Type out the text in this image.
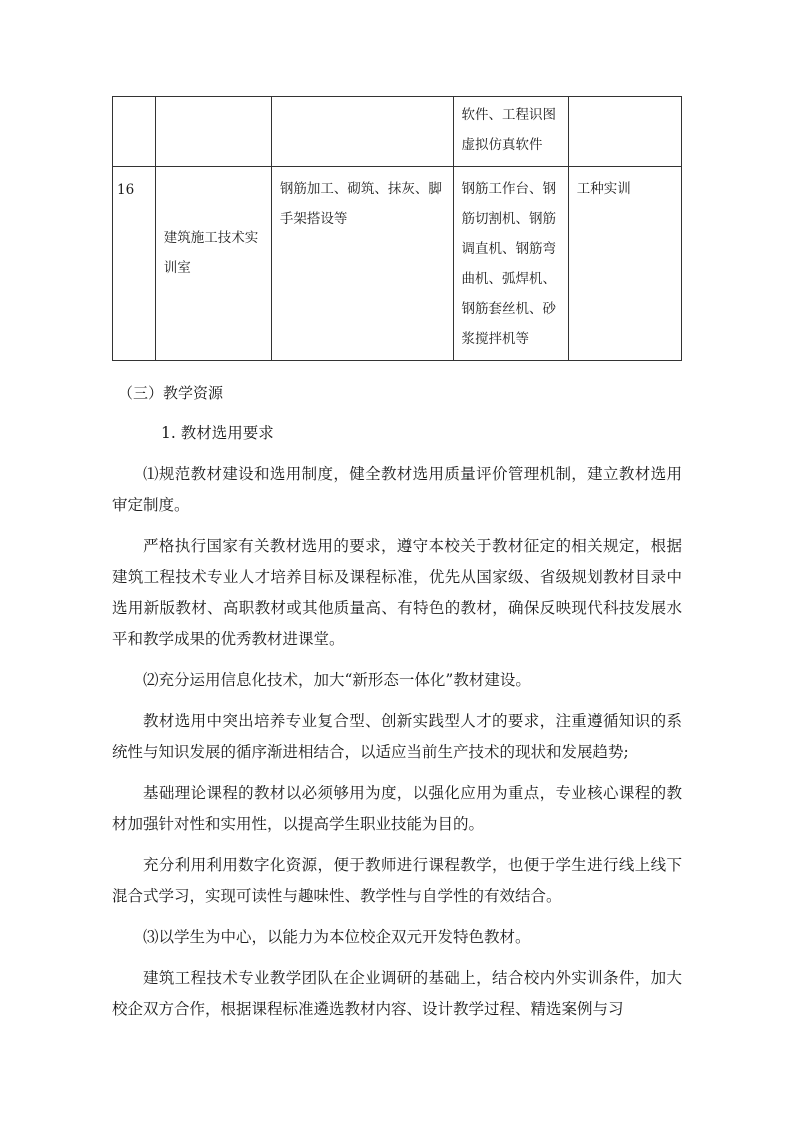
			软件、工程识图虚拟仿真软件	

16	建筑施工技术实训室	钢筋加工、砌筑、抹灰、脚手架搭设等	钢筋工作台、钢筋切割机、钢筋调直机、钢筋弯曲机、弧焊机、钢筋套丝机、砂浆搅拌机等	工种实训
（三）教学资源

1. 教材选用要求

⑴规范教材建设和选用制度，健全教材选用质量评价管理机制，建立教材选用审定制度。

严格执行国家有关教材选用的要求，遵守本校关于教材征定的相关规定，根据建筑工程技术专业人才培养目标及课程标准，优先从国家级、省级规划教材目录中选用新版教材、高职教材或其他质量高、有特色的教材，确保反映现代科技发展水平和教学成果的优秀教材进课堂。

⑵充分运用信息化技术，加大“新形态一体化”教材建设。

教材选用中突出培养专业复合型、创新实践型人才的要求，注重遵循知识的系统性与知识发展的循序渐进相结合，以适应当前生产技术的现状和发展趋势;

基础理论课程的教材以必须够用为度，以强化应用为重点，专业核心课程的教材加强针对性和实用性，以提高学生职业技能为目的。

充分利用利用数字化资源，便于教师进行课程教学，也便于学生进行线上线下混合式学习，实现可读性与趣味性、教学性与自学性的有效结合。

⑶以学生为中心，以能力为本位校企双元开发特色教材。

建筑工程技术专业教学团队在企业调研的基础上，结合校内外实训条件，加大校企双方合作，根据课程标准遴选教材内容、设计教学过程、精选案例与习
